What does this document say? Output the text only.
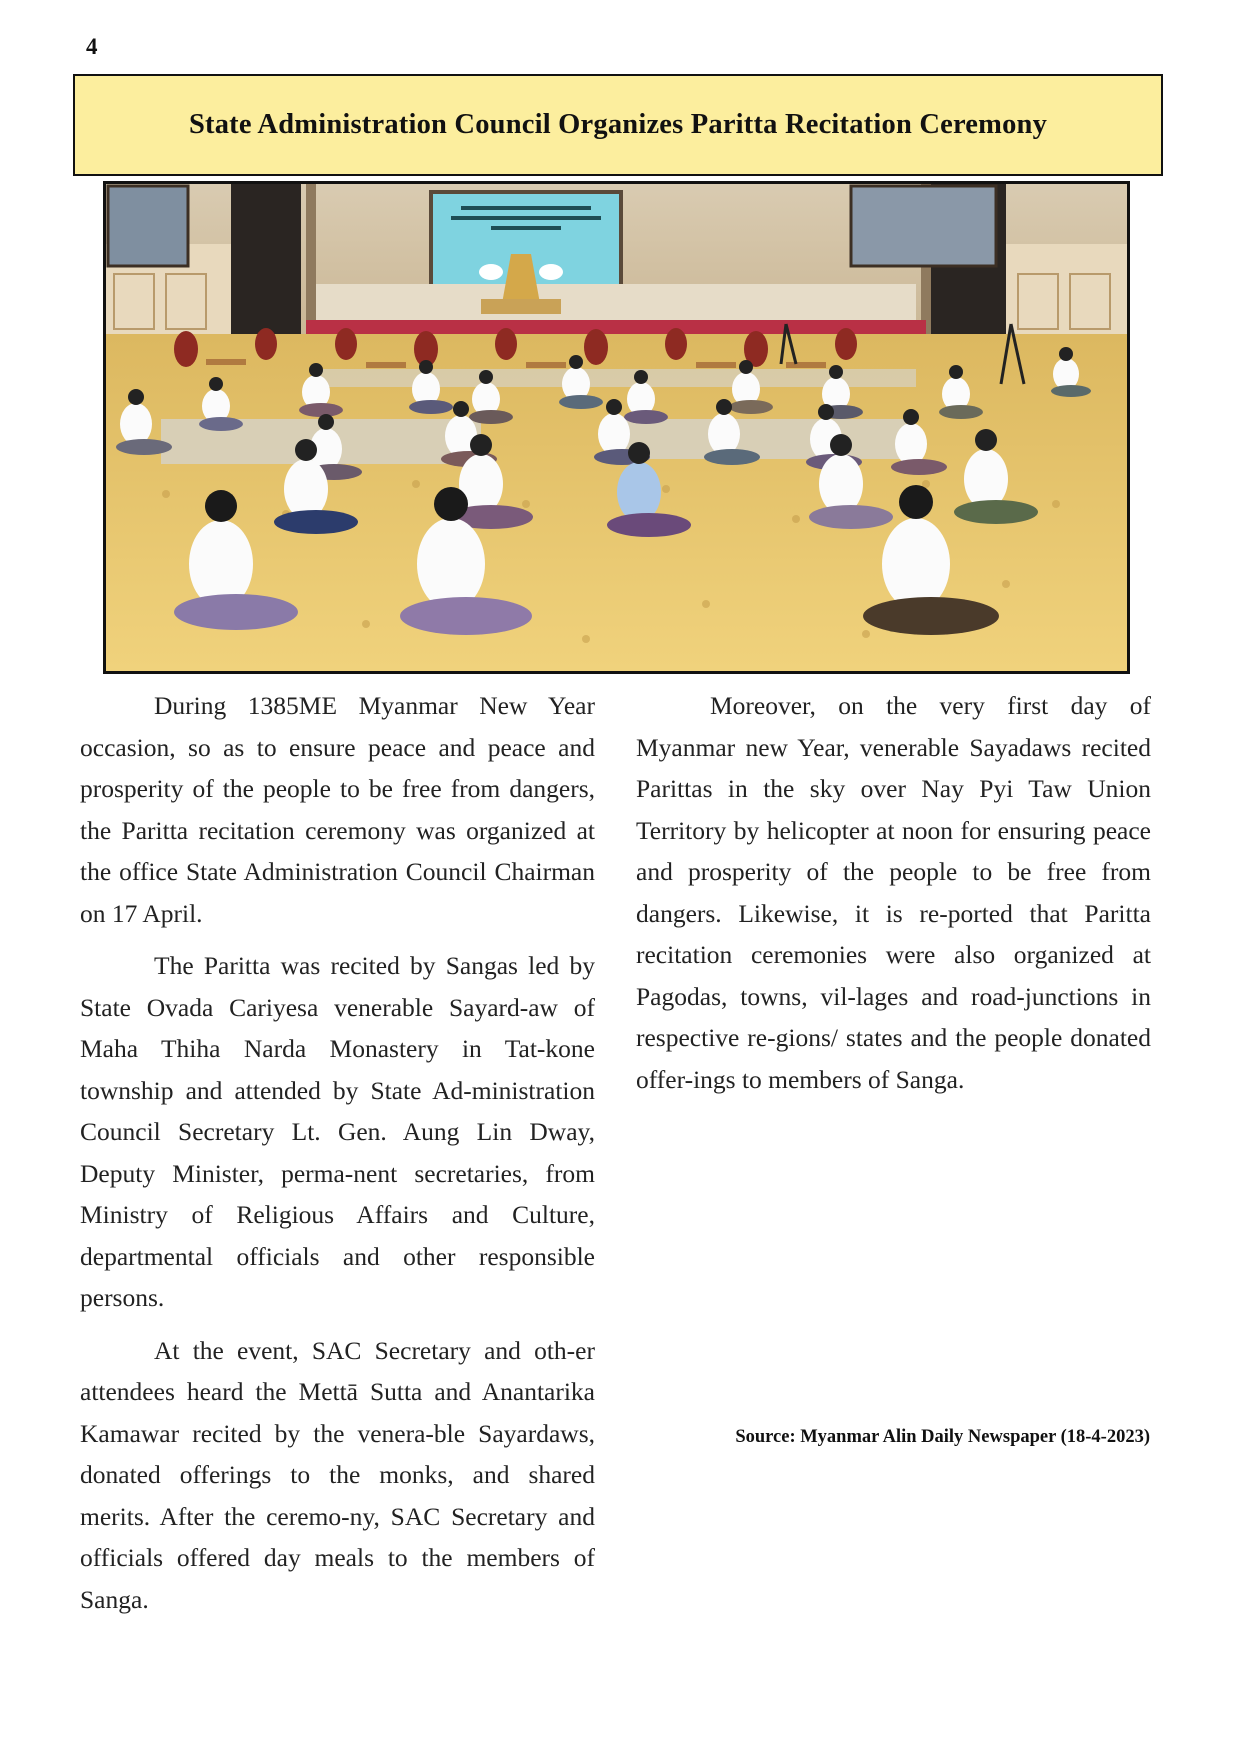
4
State Administration Council Organizes Paritta Recitation Ceremony

During 1385ME Myanmar New Year occasion, so as to ensure peace and peace and prosperity of the people to be free from dangers, the Paritta recitation ceremony was organized at the office State Administration Council Chairman on 17 April.

The Paritta was recited by Sangas led by State Ovada Cariyesa venerable Sayard-aw of Maha Thiha Narda Monastery in Tat-kone township and attended by State Ad-ministration Council Secretary Lt. Gen. Aung Lin Dway, Deputy Minister, perma-nent secretaries, from Ministry of Religious Affairs and Culture, departmental officials and other responsible persons.

At the event, SAC Secretary and oth-er attendees heard the Mettā Sutta and Anantarika Kamawar recited by the venera-ble Sayardaws, donated offerings to the monks, and shared merits. After the ceremo-ny, SAC Secretary and officials offered day meals to the members of Sanga.

Moreover, on the very first day of Myanmar new Year, venerable Sayadaws recited Parittas in the sky over Nay Pyi Taw Union Territory by helicopter at noon for ensuring peace and prosperity of the people to be free from dangers. Likewise, it is re-ported that Paritta recitation ceremonies were also organized at Pagodas, towns, vil-lages and road-junctions in respective re-gions/ states and the people donated offer-ings to members of Sanga.

Source: Myanmar Alin Daily Newspaper (18-4-2023)
